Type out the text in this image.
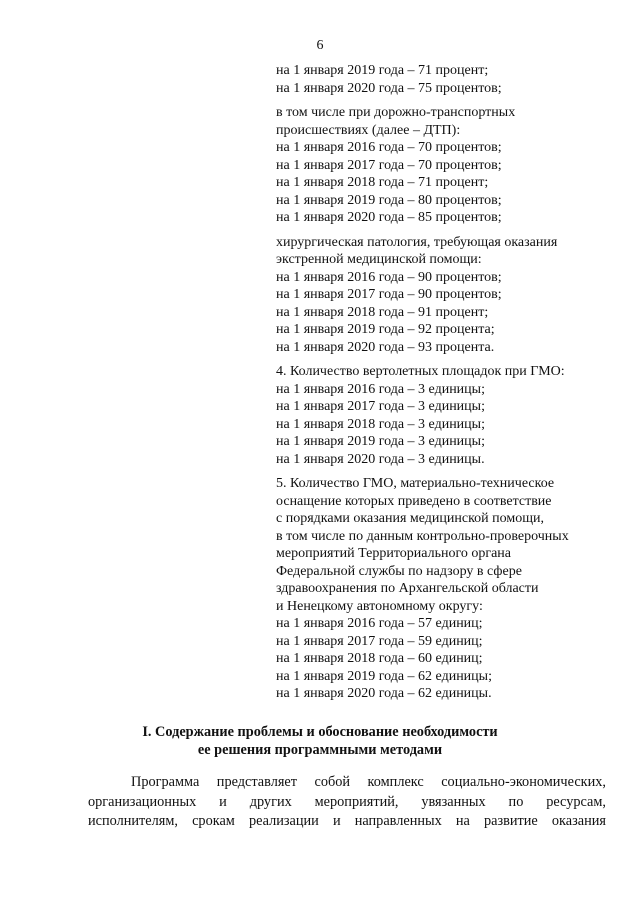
6
на 1 января 2019 года – 71 процент;
на 1 января 2020 года – 75 процентов;
в том числе при дорожно-транспортных
происшествиях (далее – ДТП):
на 1 января 2016 года – 70 процентов;
на 1 января 2017 года – 70 процентов;
на 1 января 2018 года – 71 процент;
на 1 января 2019 года – 80 процентов;
на 1 января 2020 года – 85 процентов;
хирургическая патология, требующая оказания
экстренной медицинской помощи:
на 1 января 2016 года – 90 процентов;
на 1 января 2017 года – 90 процентов;
на 1 января 2018 года – 91 процент;
на 1 января 2019 года – 92 процента;
на 1 января 2020 года – 93 процента.
4. Количество вертолетных площадок при ГМО:
на 1 января 2016 года – 3 единицы;
на 1 января 2017 года – 3 единицы;
на 1 января 2018 года – 3 единицы;
на 1 января 2019 года – 3 единицы;
на 1 января 2020 года – 3 единицы.
5. Количество ГМО, материально-техническое
оснащение которых приведено в соответствие
с порядками оказания медицинской помощи,
в том числе по данным контрольно-проверочных
мероприятий Территориального органа
Федеральной службы по надзору в сфере
здравоохранения по Архангельской области
и Ненецкому автономному округу:
на 1 января 2016 года – 57 единиц;
на 1 января 2017 года – 59 единиц;
на 1 января 2018 года – 60 единиц;
на 1 января 2019 года – 62 единицы;
на 1 января 2020 года – 62 единицы.
I. Содержание проблемы и обоснование необходимости
ее решения программными методами
Программа представляет собой комплекс социально-экономических,
организационных и других мероприятий, увязанных по ресурсам,
исполнителям, срокам реализации и направленных на развитие оказания
